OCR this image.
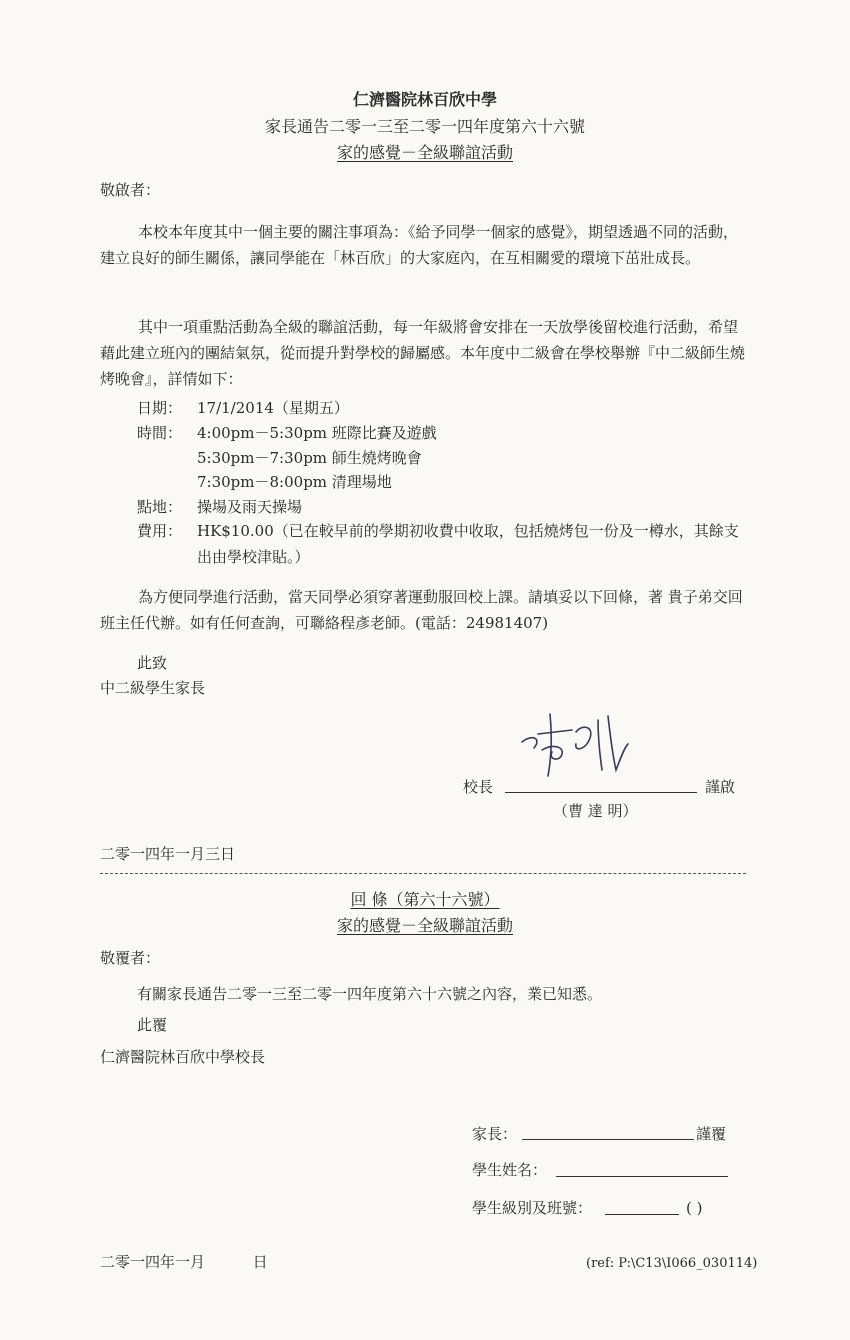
仁濟醫院林百欣中學
家長通告二零一三至二零一四年度第六十六號
家的感覺－全級聯誼活動
敬啟者：
本校本年度其中一個主要的關注事項為：《給予同學一個家的感覺》，期望透過不同的活動，建立良好的師生關係，讓同學能在「林百欣」的大家庭內，在互相關愛的環境下茁壯成長。
其中一項重點活動為全級的聯誼活動，每一年級將會安排在一天放學後留校進行活動，希望藉此建立班內的團結氣氛，從而提升對學校的歸屬感。本年度中二級會在學校舉辦『中二級師生燒烤晚會』，詳情如下：
日期： 17/1/2014（星期五）
時間： 4:00pm－5:30pm 班際比賽及遊戲
5:30pm－7:30pm 師生燒烤晚會
7:30pm－8:00pm 清理場地
點地： 操場及雨天操場
費用： HK$10.00（已在較早前的學期初收費中收取，包括燒烤包一份及一樽水，其餘支出由學校津貼。）
為方便同學進行活動，當天同學必須穿著運動服回校上課。請填妥以下回條，著 貴子弟交回班主任代辦。如有任何查詢，可聯絡程彥老師。(電話：24981407)
此致
中二級學生家長
校長	謹啟
（曹 達 明）
二零一四年一月三日
回 條（第六十六號）
家的感覺－全級聯誼活動
敬覆者：
有關家長通告二零一三至二零一四年度第六十六號之內容，業已知悉。
此覆
仁濟醫院林百欣中學校長
家長：	謹覆
學生姓名：
學生級別及班號：	( )
二零一四年一月          日	(ref: P:\C13\I066_030114)
